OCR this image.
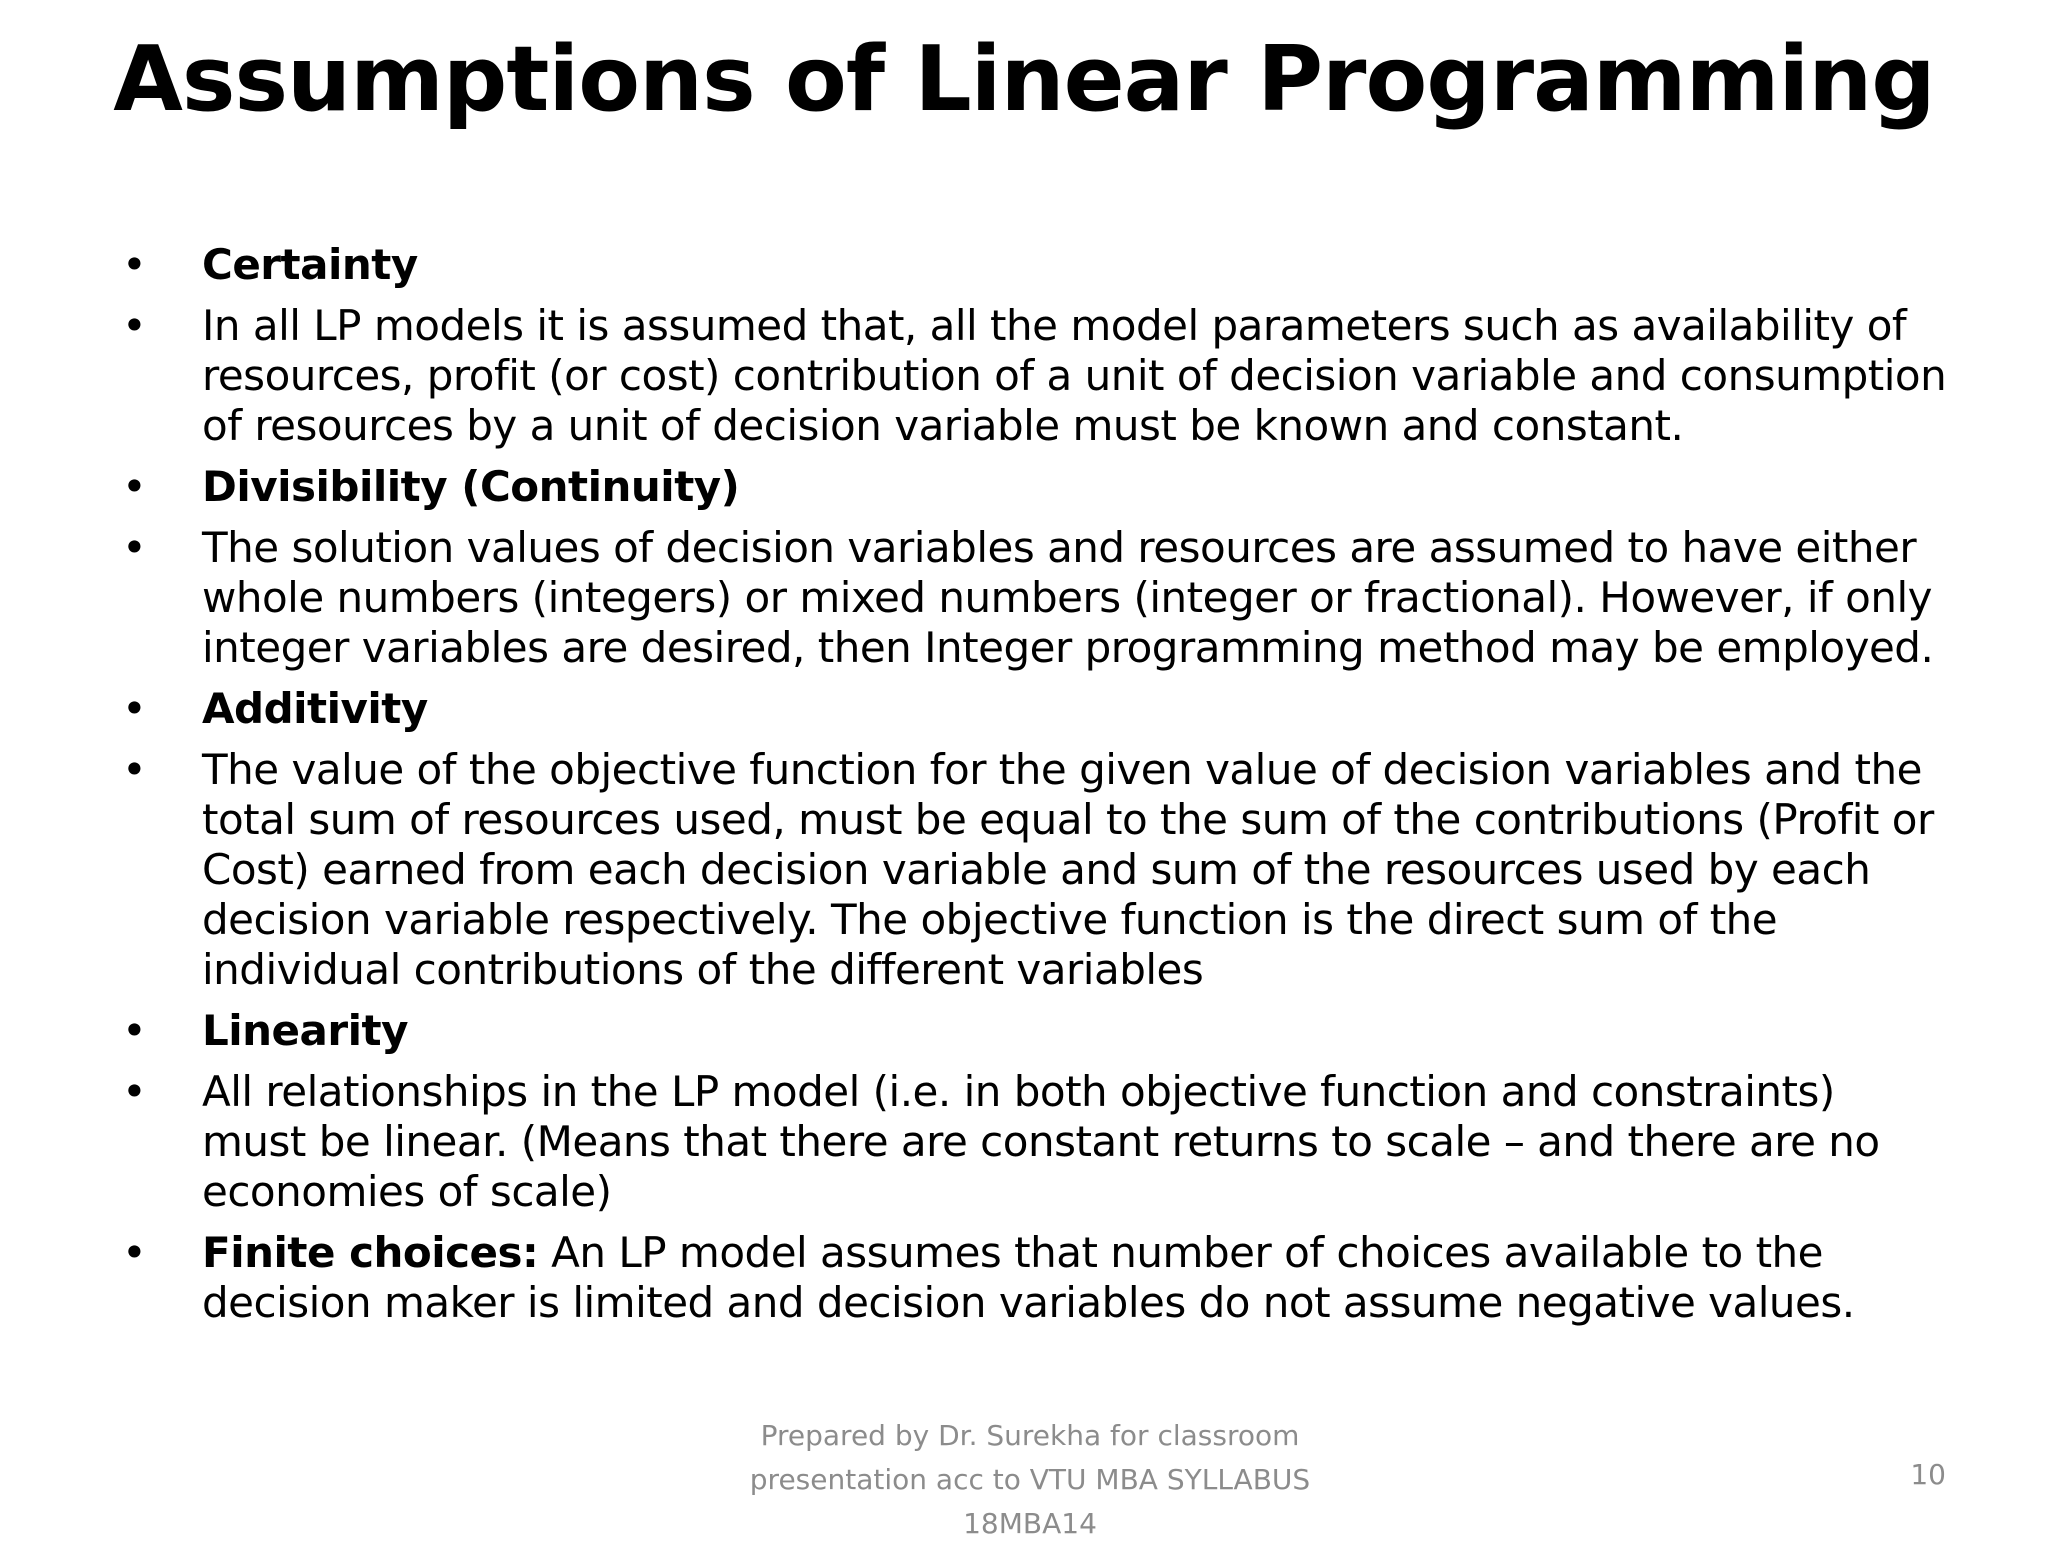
Assumptions of Linear Programming
• Certainty
• In all LP models it is assumed that, all the model parameters such as availability of resources, profit (or cost) contribution of a unit of decision variable and consumption of resources by a unit of decision variable must be known and constant.
• Divisibility (Continuity)
• The solution values of decision variables and resources are assumed to have either whole numbers (integers) or mixed numbers (integer or fractional). However, if only integer variables are desired, then Integer programming method may be employed.
• Additivity
• The value of the objective function for the given value of decision variables and the total sum of resources used, must be equal to the sum of the contributions (Profit or Cost) earned from each decision variable and sum of the resources used by each decision variable respectively. The objective function is the direct sum of the individual contributions of the different variables
• Linearity
• All relationships in the LP model (i.e. in both objective function and constraints) must be linear. (Means that there are constant returns to scale – and there are no economies of scale)
• Finite choices: An LP model assumes that number of choices available to the decision maker is limited and decision variables do not assume negative values.
Prepared by Dr. Surekha for classroom presentation acc to VTU MBA SYLLABUS 18MBA14
10
